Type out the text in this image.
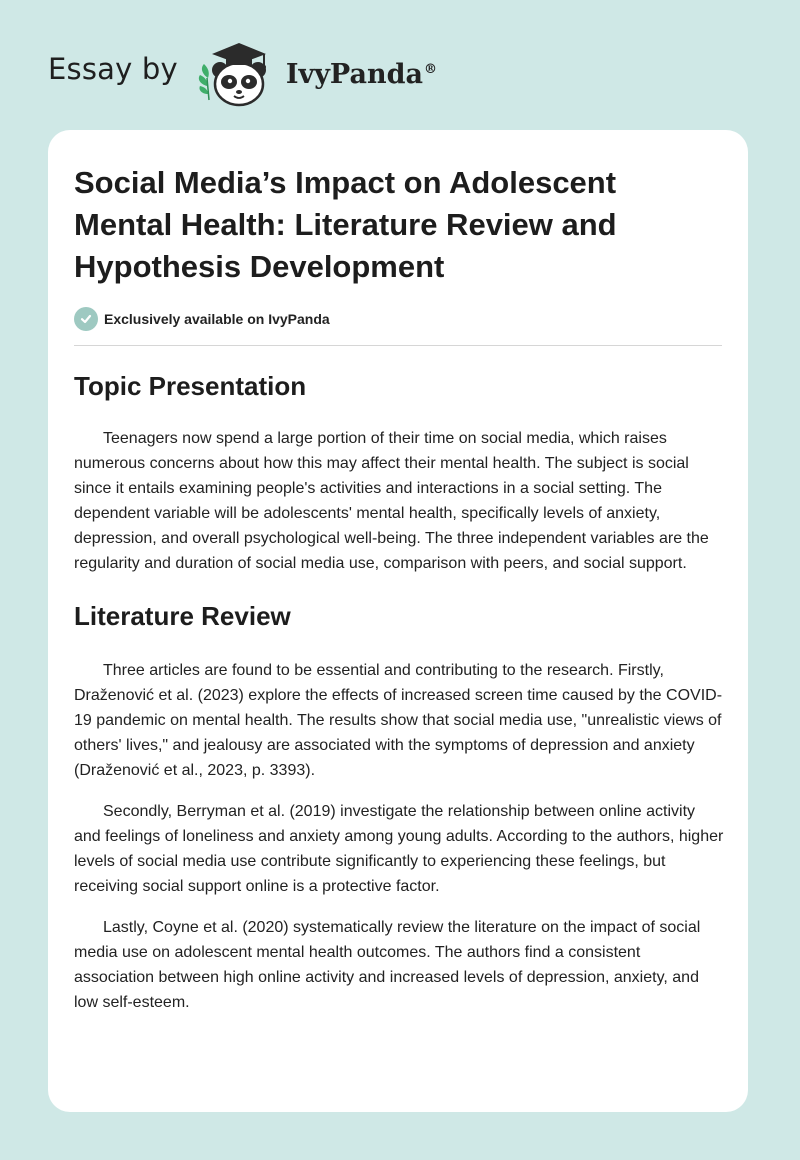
Essay by	IvyPanda®
Social Media’s Impact on Adolescent Mental Health: Literature Review and Hypothesis Development
Exclusively available on IvyPanda
Topic Presentation

Teenagers now spend a large portion of their time on social media, which raises numerous concerns about how this may affect their mental health. The subject is social since it entails examining people's activities and interactions in a social setting. The dependent variable will be adolescents' mental health, specifically levels of anxiety, depression, and overall psychological well-being. The three independent variables are the regularity and duration of social media use, comparison with peers, and social support.

Literature Review

Three articles are found to be essential and contributing to the research. Firstly, Draženović et al. (2023) explore the effects of increased screen time caused by the COVID-19 pandemic on mental health. The results show that social media use, "unrealistic views of others' lives," and jealousy are associated with the symptoms of depression and anxiety (Draženović et al., 2023, p. 3393).

Secondly, Berryman et al. (2019) investigate the relationship between online activity and feelings of loneliness and anxiety among young adults. According to the authors, higher levels of social media use contribute significantly to experiencing these feelings, but receiving social support online is a protective factor.

Lastly, Coyne et al. (2020) systematically review the literature on the impact of social media use on adolescent mental health outcomes. The authors find a consistent association between high online activity and increased levels of depression, anxiety, and low self-esteem.
